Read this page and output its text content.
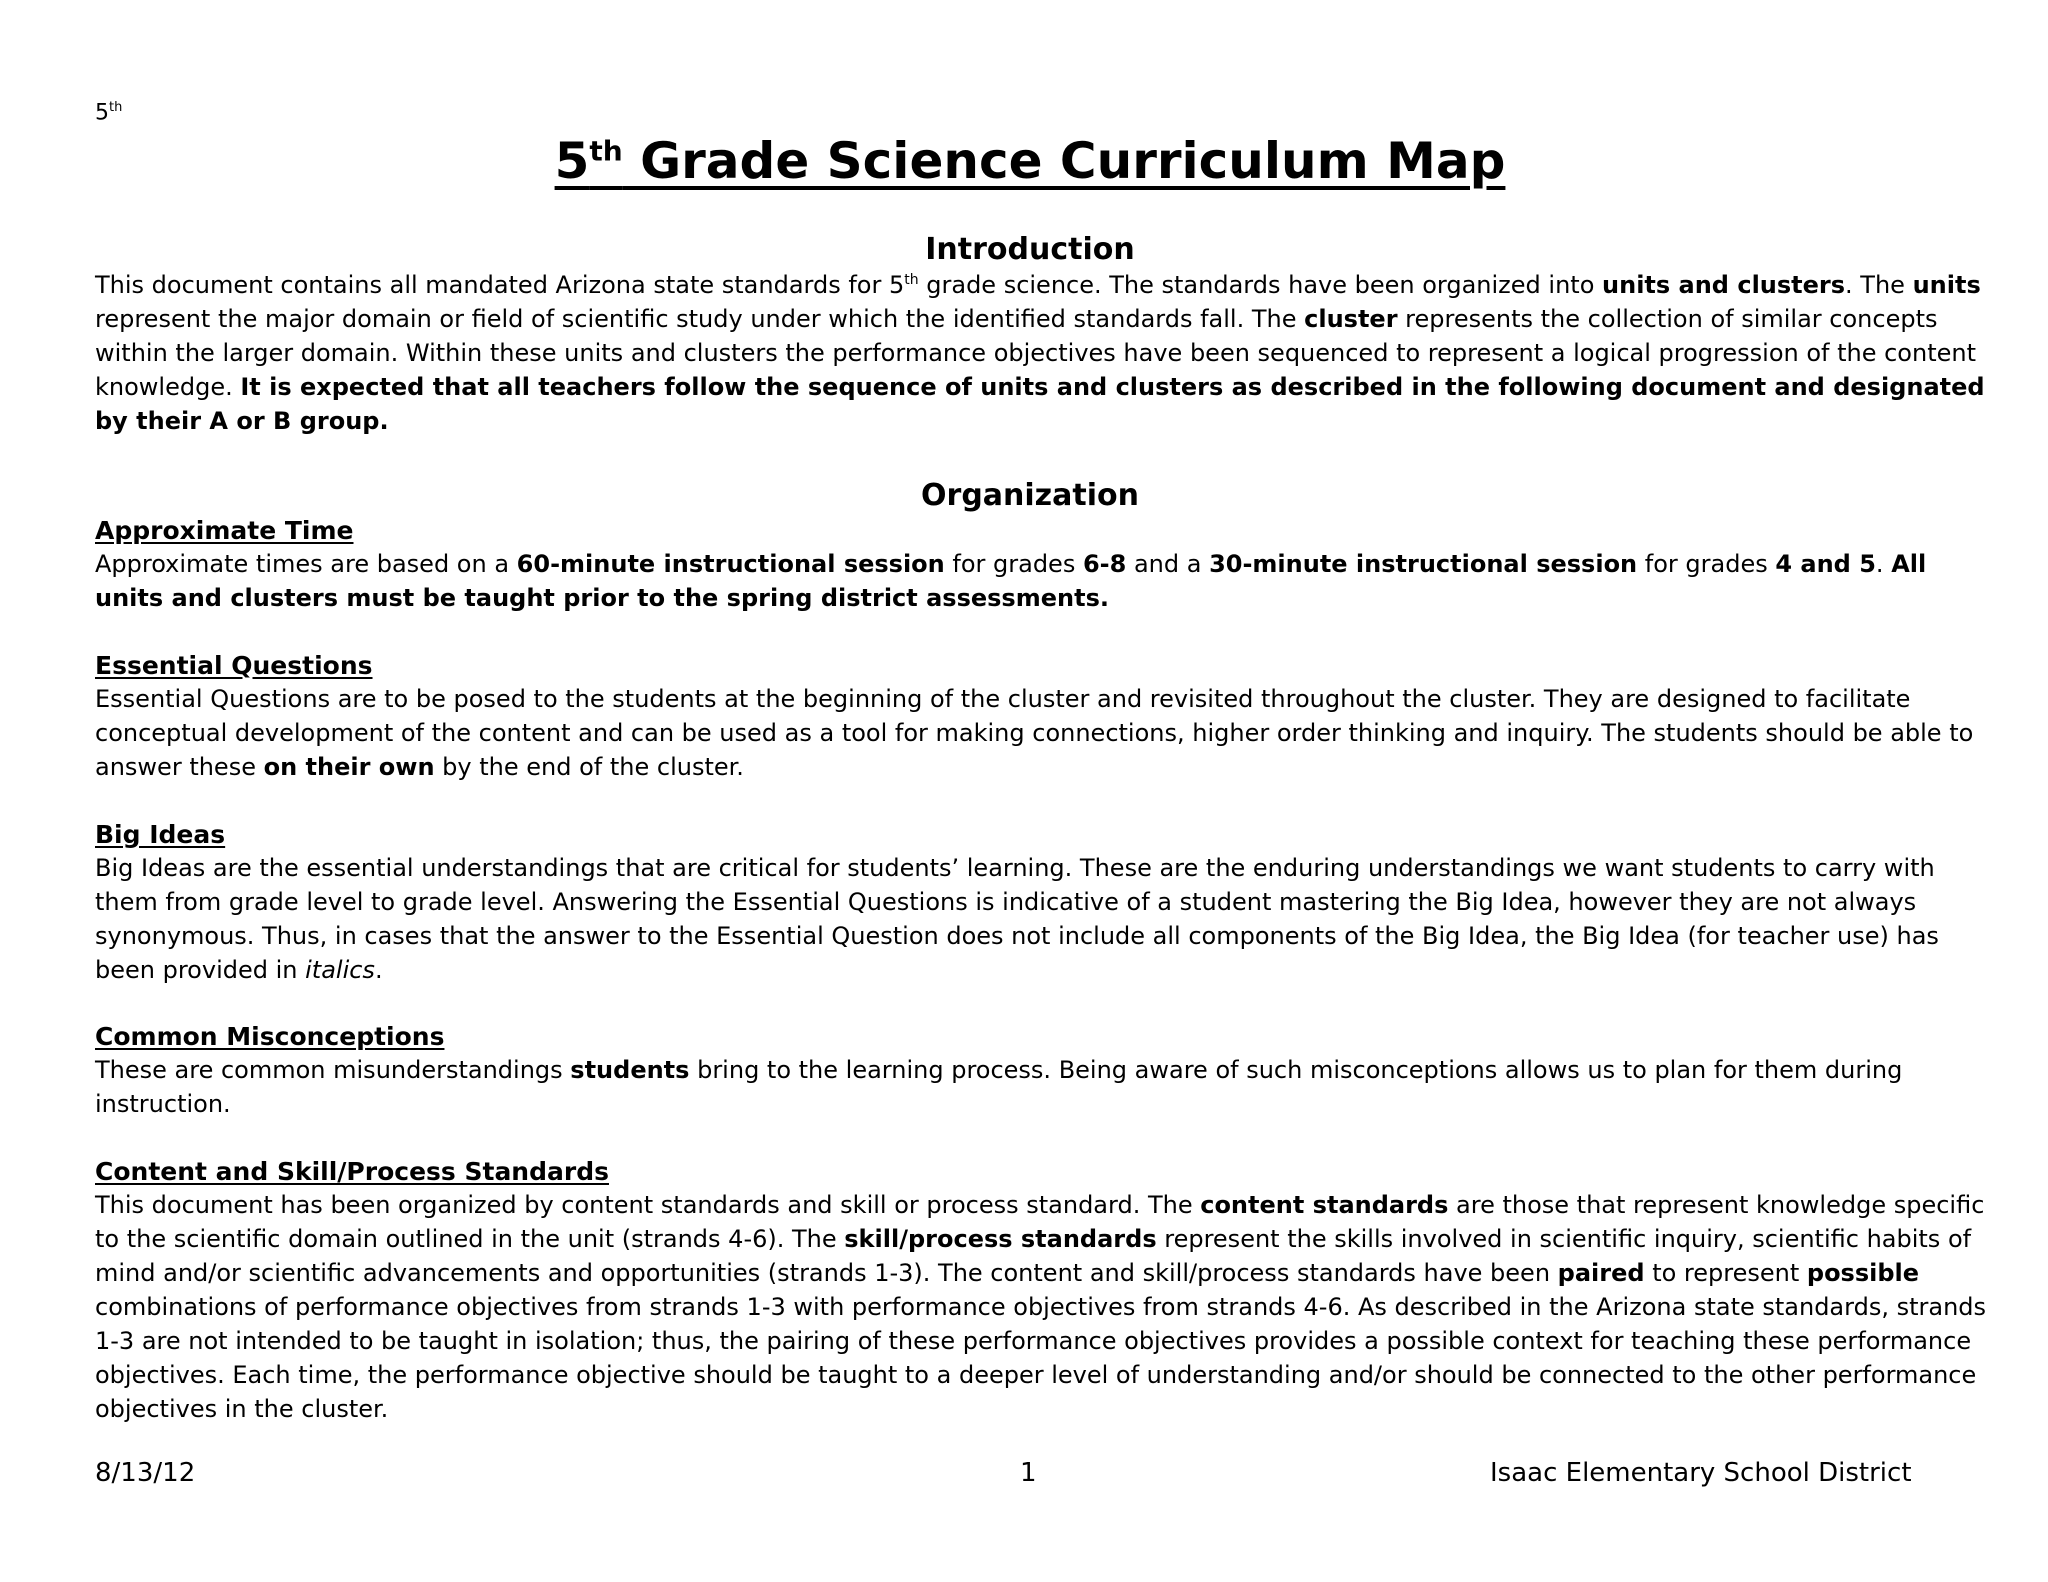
5th
5th Grade Science Curriculum Map
Introduction
This document contains all mandated Arizona state standards for 5th grade science. The standards have been organized into units and clusters. The units represent the major domain or field of scientific study under which the identified standards fall. The cluster represents the collection of similar concepts within the larger domain. Within these units and clusters the performance objectives have been sequenced to represent a logical progression of the content knowledge. It is expected that all teachers follow the sequence of units and clusters as described in the following document and designated by their A or B group.
Organization
Approximate Time
Approximate times are based on a 60-minute instructional session for grades 6-8 and a 30-minute instructional session for grades 4 and 5. All units and clusters must be taught prior to the spring district assessments.
Essential Questions
Essential Questions are to be posed to the students at the beginning of the cluster and revisited throughout the cluster. They are designed to facilitate conceptual development of the content and can be used as a tool for making connections, higher order thinking and inquiry. The students should be able to answer these on their own by the end of the cluster.
Big Ideas
Big Ideas are the essential understandings that are critical for students’ learning. These are the enduring understandings we want students to carry with them from grade level to grade level. Answering the Essential Questions is indicative of a student mastering the Big Idea, however they are not always synonymous. Thus, in cases that the answer to the Essential Question does not include all components of the Big Idea, the Big Idea (for teacher use) has been provided in italics.
Common Misconceptions
These are common misunderstandings students bring to the learning process. Being aware of such misconceptions allows us to plan for them during instruction.
Content and Skill/Process Standards
This document has been organized by content standards and skill or process standard. The content standards are those that represent knowledge specific to the scientific domain outlined in the unit (strands 4-6). The skill/process standards represent the skills involved in scientific inquiry, scientific habits of mind and/or scientific advancements and opportunities (strands 1-3). The content and skill/process standards have been paired to represent possible combinations of performance objectives from strands 1-3 with performance objectives from strands 4-6. As described in the Arizona state standards, strands 1-3 are not intended to be taught in isolation; thus, the pairing of these performance objectives provides a possible context for teaching these performance objectives. Each time, the performance objective should be taught to a deeper level of understanding and/or should be connected to the other performance objectives in the cluster.
8/13/12	1	Isaac Elementary School District
